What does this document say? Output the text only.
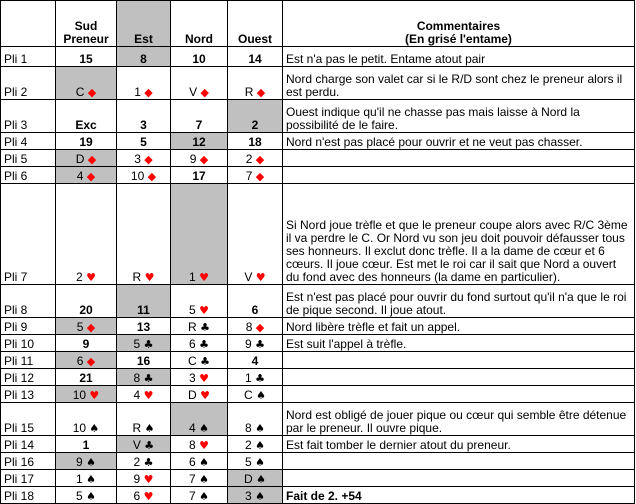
	Sud Preneur	Est	Nord	Ouest	Commentaires
(En grisé l'entame)

Pli 1	15	8	10	14	Est n'a pas le petit. Entame atout pair
Pli 2	C ◆	1 ◆	V ◆	R ◆	Nord charge son valet car si le R/D sont chez le preneur alors il est perdu.
Pli 3	Exc	3	7	2	Ouest indique qu'il ne chasse pas mais laisse à Nord la possibilité de le faire.
Pli 4	19	5	12	18	Nord n'est pas placé pour ouvrir et ne veut pas chasser.
Pli 5	D ◆	3 ◆	9 ◆	2 ◆	
Pli 6	4 ◆	10 ◆	17	7 ◆	
Pli 7	2 ♥	R ♥	1 ♥	V ♥	Si Nord joue trèfle et que le preneur coupe alors avec R/C 3ème il va perdre le C. Or Nord vu son jeu doit pouvoir défausser tous ses honneurs. Il exclut donc trèfle. Il a la dame de cœur et 6 cœurs. Il joue cœur. Est met le roi car il sait que Nord a ouvert du fond avec des honneurs (la dame en particulier).
Pli 8	20	11	5 ♥	6	Est n'est pas placé pour ouvrir du fond surtout qu'il n'a que le roi de pique second. Il joue atout.
Pli 9	5 ◆	13	R ♣	8 ◆	Nord libère trèfle et fait un appel.
Pli 10	9	5 ♣	6 ♣	9 ♣	Est suit l'appel à trèfle.
Pli 11	6 ◆	16	C ♣	4	
Pli 12	21	8 ♣	3 ♥	1 ♣	
Pli 13	10 ♥	4 ♥	D ♥	C ♠	
Pli 15	10 ♠	R ♠	4 ♠	8 ♠	Nord est obligé de jouer pique ou cœur qui semble être détenue par le preneur. Il ouvre pique.
Pli 14	1	V ♣	8 ♥	2 ♠	Est fait tomber le dernier atout du preneur.
Pli 16	9 ♠	2 ♣	6 ♠	5 ♠	
Pli 17	1 ♠	9 ♥	7 ♠	D ♠	
Pli 18	5 ♠	6 ♥	7 ♠	3 ♠	Fait de 2. +54
